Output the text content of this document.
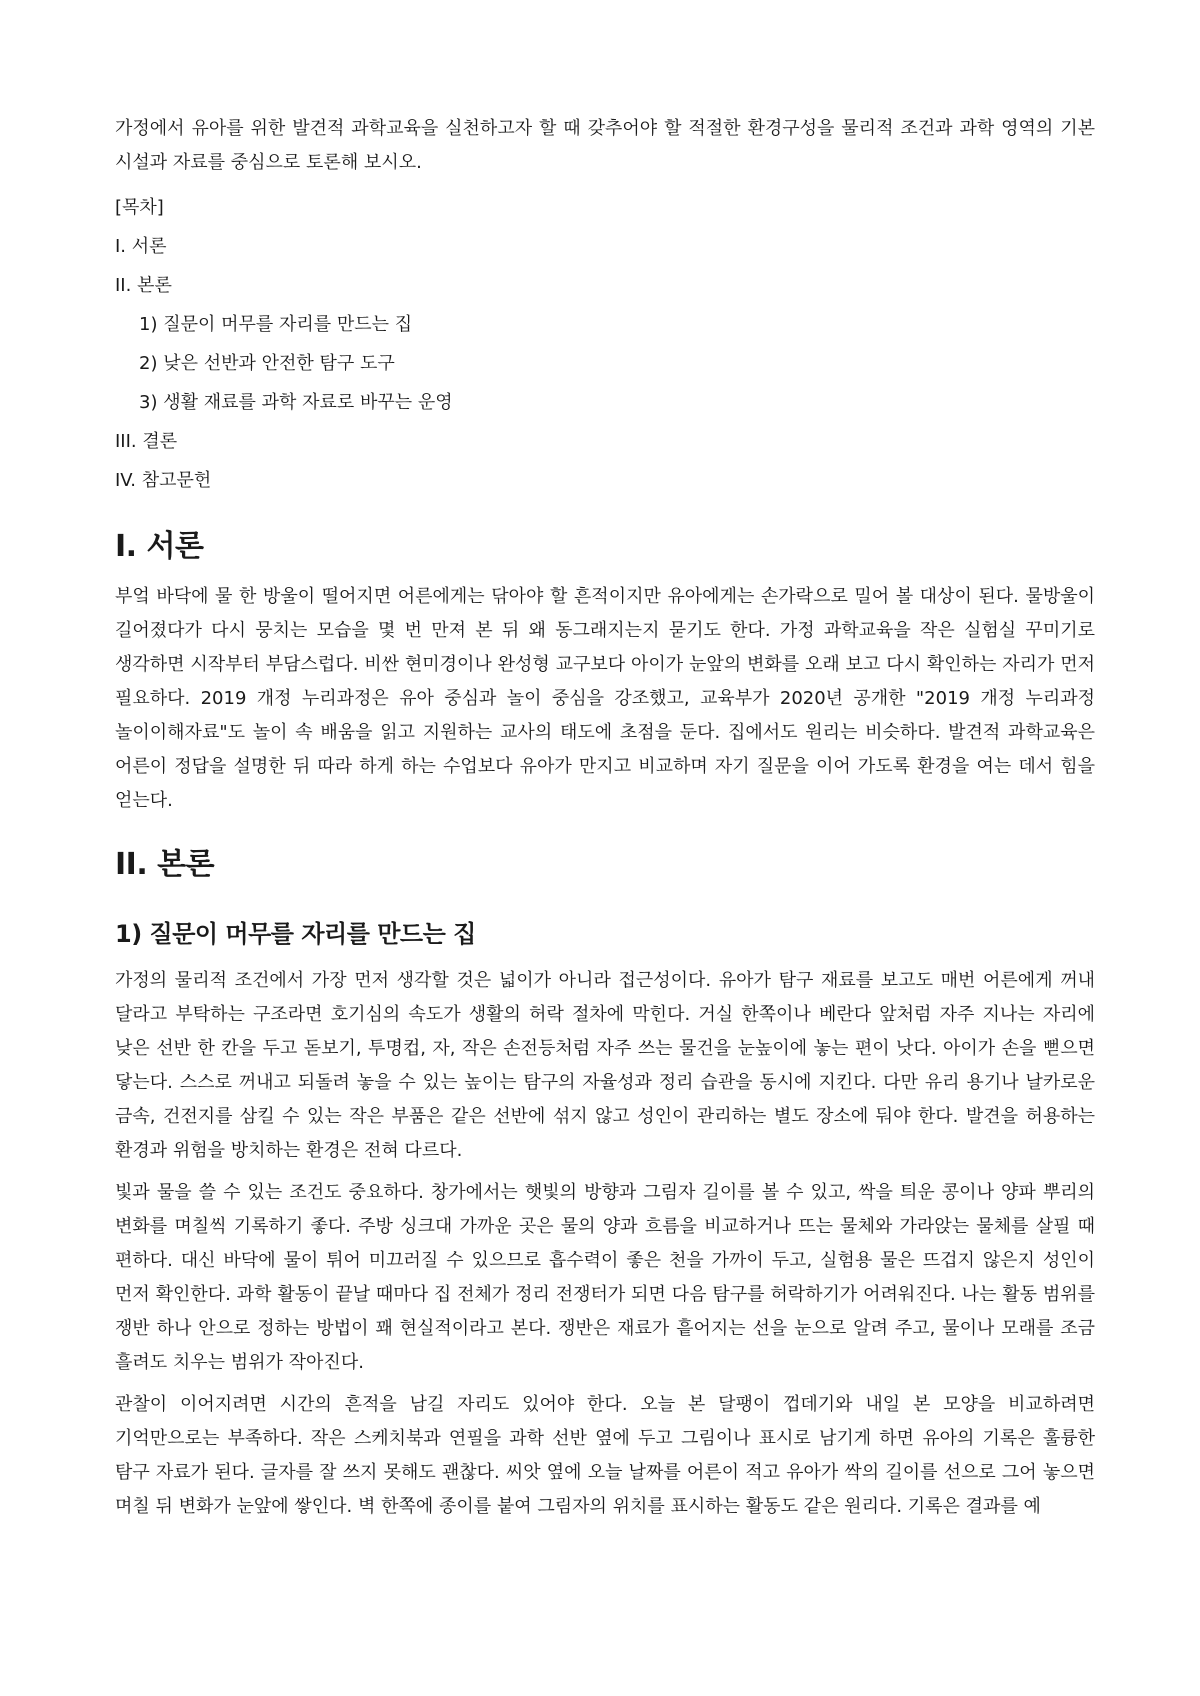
가정에서 유아를 위한 발견적 과학교육을 실천하고자 할 때 갖추어야 할 적절한 환경구성을 물리적 조건과 과학 영역의 기본 시설과 자료를 중심으로 토론해 보시오.

[목차]
I. 서론
II. 본론
1) 질문이 머무를 자리를 만드는 집
2) 낮은 선반과 안전한 탐구 도구
3) 생활 재료를 과학 자료로 바꾸는 운영
III. 결론
IV. 참고문헌
I. 서론

부엌 바닥에 물 한 방울이 떨어지면 어른에게는 닦아야 할 흔적이지만 유아에게는 손가락으로 밀어 볼 대상이 된다. 물방울이 길어졌다가 다시 뭉치는 모습을 몇 번 만져 본 뒤 왜 동그래지는지 묻기도 한다. 가정 과학교육을 작은 실험실 꾸미기로 생각하면 시작부터 부담스럽다. 비싼 현미경이나 완성형 교구보다 아이가 눈앞의 변화를 오래 보고 다시 확인하는 자리가 먼저 필요하다. 2019 개정 누리과정은 유아 중심과 놀이 중심을 강조했고, 교육부가 2020년 공개한 "2019 개정 누리과정 놀이이해자료"도 놀이 속 배움을 읽고 지원하는 교사의 태도에 초점을 둔다. 집에서도 원리는 비슷하다. 발견적 과학교육은 어른이 정답을 설명한 뒤 따라 하게 하는 수업보다 유아가 만지고 비교하며 자기 질문을 이어 가도록 환경을 여는 데서 힘을 얻는다.

II. 본론
1) 질문이 머무를 자리를 만드는 집

가정의 물리적 조건에서 가장 먼저 생각할 것은 넓이가 아니라 접근성이다. 유아가 탐구 재료를 보고도 매번 어른에게 꺼내 달라고 부탁하는 구조라면 호기심의 속도가 생활의 허락 절차에 막힌다. 거실 한쪽이나 베란다 앞처럼 자주 지나는 자리에 낮은 선반 한 칸을 두고 돋보기, 투명컵, 자, 작은 손전등처럼 자주 쓰는 물건을 눈높이에 놓는 편이 낫다. 아이가 손을 뻗으면 닿는다. 스스로 꺼내고 되돌려 놓을 수 있는 높이는 탐구의 자율성과 정리 습관을 동시에 지킨다. 다만 유리 용기나 날카로운 금속, 건전지를 삼킬 수 있는 작은 부품은 같은 선반에 섞지 않고 성인이 관리하는 별도 장소에 둬야 한다. 발견을 허용하는 환경과 위험을 방치하는 환경은 전혀 다르다.

빛과 물을 쓸 수 있는 조건도 중요하다. 창가에서는 햇빛의 방향과 그림자 길이를 볼 수 있고, 싹을 틔운 콩이나 양파 뿌리의 변화를 며칠씩 기록하기 좋다. 주방 싱크대 가까운 곳은 물의 양과 흐름을 비교하거나 뜨는 물체와 가라앉는 물체를 살필 때 편하다. 대신 바닥에 물이 튀어 미끄러질 수 있으므로 흡수력이 좋은 천을 가까이 두고, 실험용 물은 뜨겁지 않은지 성인이 먼저 확인한다. 과학 활동이 끝날 때마다 집 전체가 정리 전쟁터가 되면 다음 탐구를 허락하기가 어려워진다. 나는 활동 범위를 쟁반 하나 안으로 정하는 방법이 꽤 현실적이라고 본다. 쟁반은 재료가 흩어지는 선을 눈으로 알려 주고, 물이나 모래를 조금 흘려도 치우는 범위가 작아진다.

관찰이 이어지려면 시간의 흔적을 남길 자리도 있어야 한다. 오늘 본 달팽이 껍데기와 내일 본 모양을 비교하려면 기억만으로는 부족하다. 작은 스케치북과 연필을 과학 선반 옆에 두고 그림이나 표시로 남기게 하면 유아의 기록은 훌륭한 탐구 자료가 된다. 글자를 잘 쓰지 못해도 괜찮다. 씨앗 옆에 오늘 날짜를 어른이 적고 유아가 싹의 길이를 선으로 그어 놓으면 며칠 뒤 변화가 눈앞에 쌓인다. 벽 한쪽에 종이를 붙여 그림자의 위치를 표시하는 활동도 같은 원리다. 기록은 결과를 예
